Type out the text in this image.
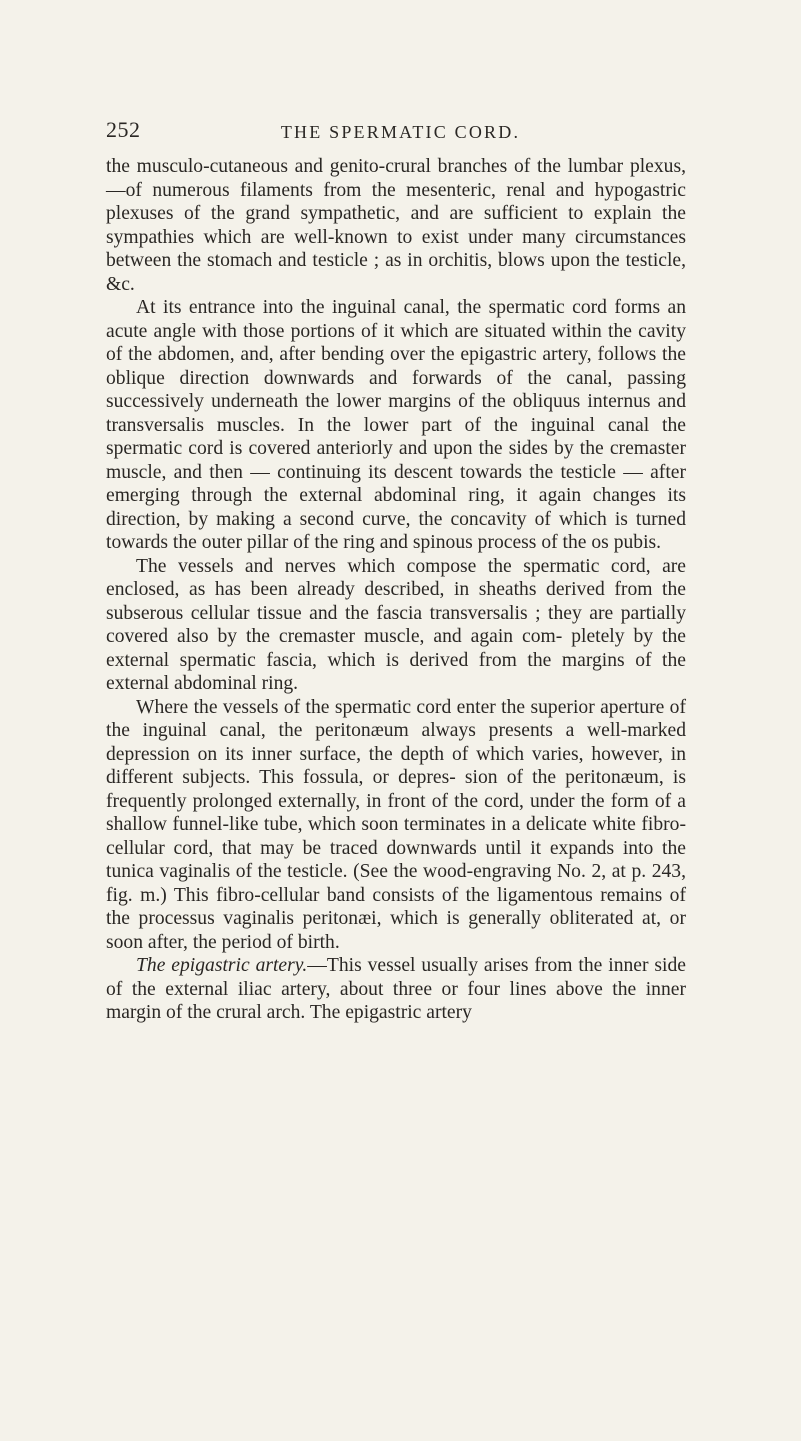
252	THE SPERMATIC CORD.

the musculo-cutaneous and genito-crural branches of the lumbar plexus,—of numerous filaments from the mesenteric, renal and hypogastric plexuses of the grand sympathetic, and are sufficient to explain the sympathies which are well-known to exist under many circumstances between the stomach and testicle ; as in orchitis, blows upon the testicle, &c.

At its entrance into the inguinal canal, the spermatic cord forms an acute angle with those portions of it which are situated within the cavity of the abdomen, and, after bending over the epigastric artery, follows the oblique direction downwards and forwards of the canal, passing successively underneath the lower margins of the obliquus internus and transversalis muscles. In the lower part of the inguinal canal the spermatic cord is covered anteriorly and upon the sides by the cremaster muscle, and then — continuing its descent towards the testicle — after emerging through the external abdominal ring, it again changes its direction, by making a second curve, the concavity of which is turned towards the outer pillar of the ring and spinous process of the os pubis.

The vessels and nerves which compose the spermatic cord, are enclosed, as has been already described, in sheaths derived from the subserous cellular tissue and the fascia transversalis ; they are partially covered also by the cremaster muscle, and again com- pletely by the external spermatic fascia, which is derived from the margins of the external abdominal ring.

Where the vessels of the spermatic cord enter the superior aperture of the inguinal canal, the peritonæum always presents a well-marked depression on its inner surface, the depth of which varies, however, in different subjects. This fossula, or depres- sion of the peritonæum, is frequently prolonged externally, in front of the cord, under the form of a shallow funnel-like tube, which soon terminates in a delicate white fibro-cellular cord, that may be traced downwards until it expands into the tunica vaginalis of the testicle. (See the wood-engraving No. 2, at p. 243, fig. m.) This fibro-cellular band consists of the ligamentous remains of the processus vaginalis peritonæi, which is generally obliterated at, or soon after, the period of birth.

The epigastric artery.—This vessel usually arises from the inner side of the external iliac artery, about three or four lines above the inner margin of the crural arch. The epigastric artery
